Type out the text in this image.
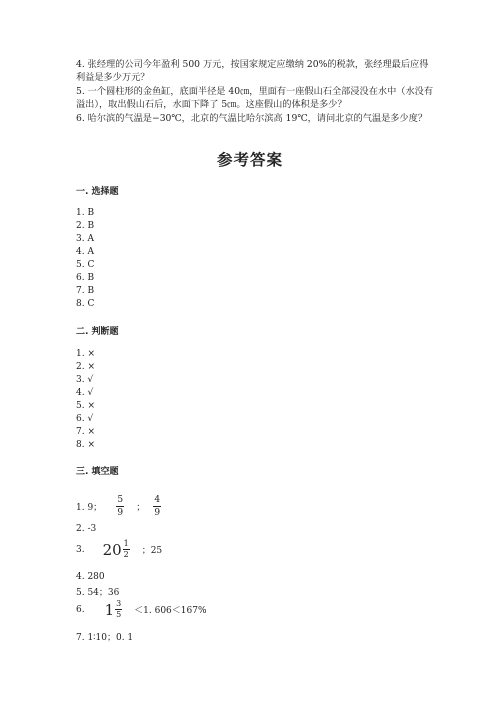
4. 张经理的公司今年盈利 500 万元，按国家规定应缴纳 20%的税款，张经理最后应得利益是多少万元？

5. 一个圆柱形的金鱼缸，底面半径是 40㎝，里面有一座假山石全部浸没在水中（水没有溢出），取出假山石后，水面下降了 5㎝。这座假山的体积是多少？

6. 哈尔滨的气温是−30℃，北京的气温比哈尔滨高 19℃，请问北京的气温是多少度？

参考答案
一. 选择题
1. B
2. B
3. A
4. A
5. C
6. B
7. B
8. C
二. 判断题
1. ×
2. ×
3. √
4. √
5. ×
6. √
7. ×
8. ×
三. 填空题
1. 9； $\frac{5}{9}$ ； $\frac{4}{9}$
2. -3
3. $20 \frac{1}{2}$ ；25
4. 280
5. 54；36
6. $1 \frac{3}{5} <1$. 606＜167%
7. 1∶10；0. 1
